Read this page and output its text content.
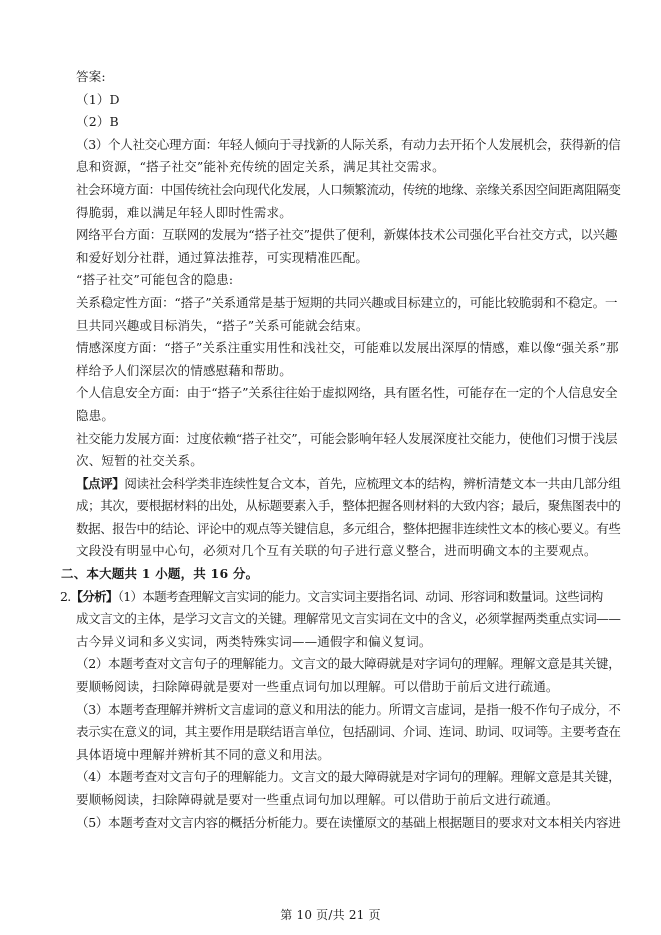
答案:
（1）D
（2）B
（3）个人社交心理方面：年轻人倾向于寻找新的人际关系，有动力去开拓个人发展机会，获得新的信
息和资源，“搭子社交”能补充传统的固定关系，满足其社交需求。
社会环境方面：中国传统社会向现代化发展，人口频繁流动，传统的地缘、亲缘关系因空间距离阻隔变
得脆弱，难以满足年轻人即时性需求。
网络平台方面：互联网的发展为“搭子社交”提供了便利，新媒体技术公司强化平台社交方式，以兴趣
和爱好划分社群，通过算法推荐，可实现精准匹配。
“搭子社交”可能包含的隐患:
关系稳定性方面：“搭子”关系通常是基于短期的共同兴趣或目标建立的，可能比较脆弱和不稳定。一
旦共同兴趣或目标消失，“搭子”关系可能就会结束。
情感深度方面：“搭子”关系注重实用性和浅社交，可能难以发展出深厚的情感，难以像“强关系”那
样给予人们深层次的情感慰藉和帮助。
个人信息安全方面：由于“搭子”关系往往始于虚拟网络，具有匿名性，可能存在一定的个人信息安全
隐患。
社交能力发展方面：过度依赖“搭子社交”，可能会影响年轻人发展深度社交能力，使他们习惯于浅层
次、短暂的社交关系。
【点评】阅读社会科学类非连续性复合文本，首先，应梳理文本的结构，辨析清楚文本一共由几部分组
成；其次，要根据材料的出处，从标题要素入手，整体把握各则材料的大致内容；最后，聚焦图表中的
数据、报告中的结论、评论中的观点等关键信息，多元组合，整体把握非连续性文本的核心要义。有些
文段没有明显中心句，必须对几个互有关联的句子进行意义整合，进而明确文本的主要观点。
二、本大题共 1 小题，共 16 分。
2.【分析】（1）本题考查理解文言实词的能力。文言实词主要指名词、动词、形容词和数量词。这些词构
成文言文的主体，是学习文言文的关键。理解常见文言实词在文中的含义，必须掌握两类重点实词——
古今异义词和多义实词，两类特殊实词——通假字和偏义复词。
（2）本题考查对文言句子的理解能力。文言文的最大障碍就是对字词句的理解。理解文意是其关键，
要顺畅阅读，扫除障碍就是要对一些重点词句加以理解。可以借助于前后文进行疏通。
（3）本题考查理解并辨析文言虚词的意义和用法的能力。所谓文言虚词，是指一般不作句子成分，不
表示实在意义的词，其主要作用是联结语言单位，包括副词、介词、连词、助词、叹词等。主要考查在
具体语境中理解并辨析其不同的意义和用法。
（4）本题考查对文言句子的理解能力。文言文的最大障碍就是对字词句的理解。理解文意是其关键，
要顺畅阅读，扫除障碍就是要对一些重点词句加以理解。可以借助于前后文进行疏通。
（5）本题考查对文言内容的概括分析能力。要在读懂原文的基础上根据题目的要求对文本相关内容进
第 10 页/共 21 页
